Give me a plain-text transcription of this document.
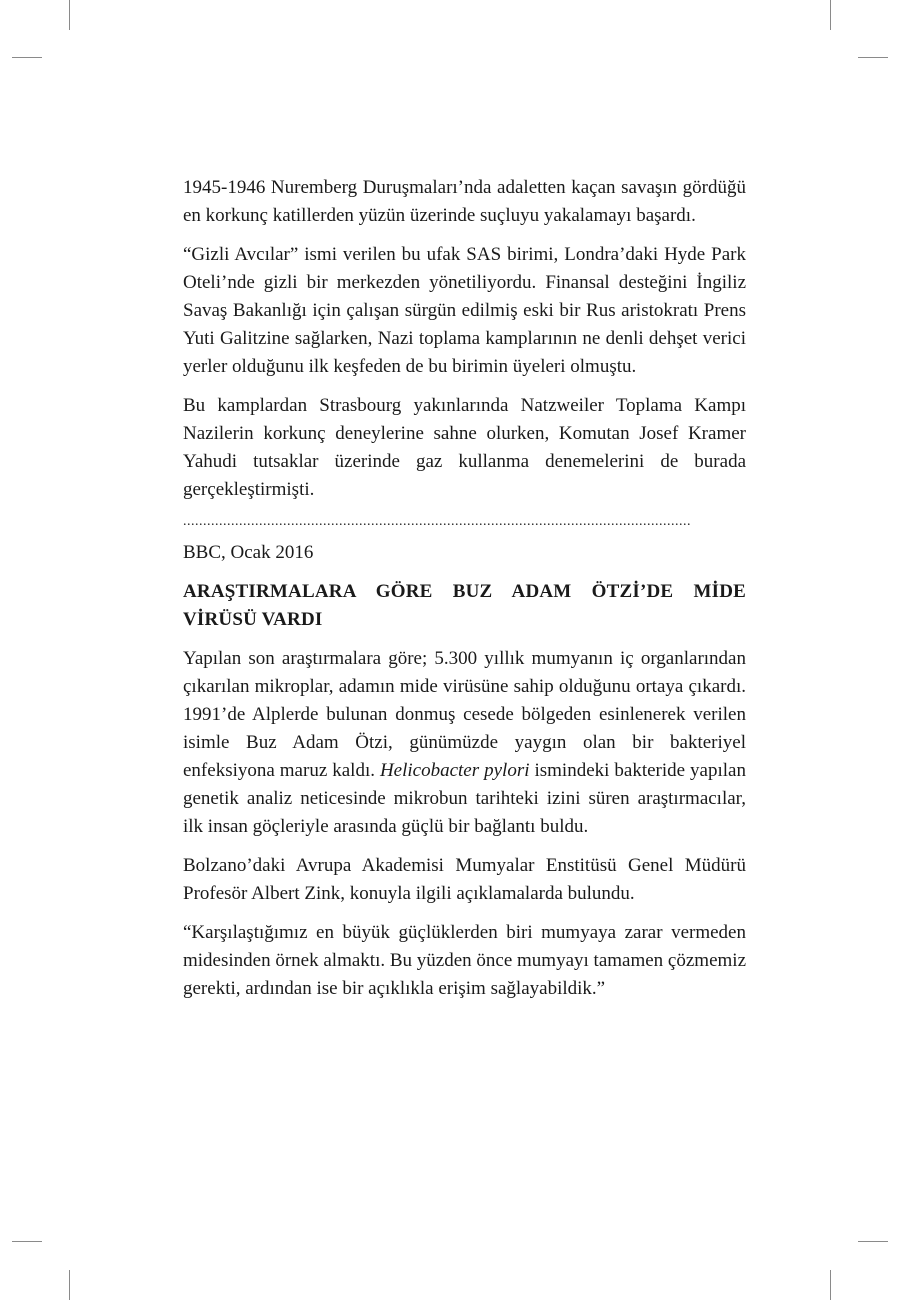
1945-1946 Nuremberg Duruşmaları’nda adaletten kaçan savaşın gördüğü en korkunç katillerden yüzün üzerinde suçluyu yakalamayı başardı.

“Gizli Avcılar” ismi verilen bu ufak SAS birimi, Londra’daki Hyde Park Oteli’nde gizli bir merkezden yönetiliyordu. Finansal desteğini İngiliz Savaş Bakanlığı için çalışan sürgün edilmiş eski bir Rus aristokratı Prens Yuti Galitzine sağlarken, Nazi toplama kamplarının ne denli dehşet verici yerler olduğunu ilk keşfeden de bu birimin üyeleri olmuştu.

Bu kamplardan Strasbourg yakınlarında Natzweiler Toplama Kampı Nazilerin korkunç deneylerine sahne olurken, Komutan Josef Kramer Yahudi tutsaklar üzerinde gaz kullanma denemelerini de burada gerçekleştirmişti.

...............................................................................................................................

BBC, Ocak 2016

ARAŞTIRMALARA GÖRE BUZ ADAM ÖTZİ’DE MİDE VİRÜSÜ VARDI

Yapılan son araştırmalara göre; 5.300 yıllık mumyanın iç organlarından çıkarılan mikroplar, adamın mide virüsüne sahip olduğunu ortaya çıkardı. 1991’de Alplerde bulunan donmuş cesede bölgeden esinlenerek verilen isimle Buz Adam Ötzi, günümüzde yaygın olan bir bakteriyel enfeksiyona maruz kaldı. Helicobacter pylori ismindeki bakteride yapılan genetik analiz neticesinde mikrobun tarihteki izini süren araştırmacılar, ilk insan göçleriyle arasında güçlü bir bağlantı buldu.

Bolzano’daki Avrupa Akademisi Mumyalar Enstitüsü Genel Müdürü Profesör Albert Zink, konuyla ilgili açıklamalarda bulundu.

“Karşılaştığımız en büyük güçlüklerden biri mumyaya zarar vermeden midesinden örnek almaktı. Bu yüzden önce mumyayı tamamen çözmemiz gerekti, ardından ise bir açıklıkla erişim sağlayabildik.”
